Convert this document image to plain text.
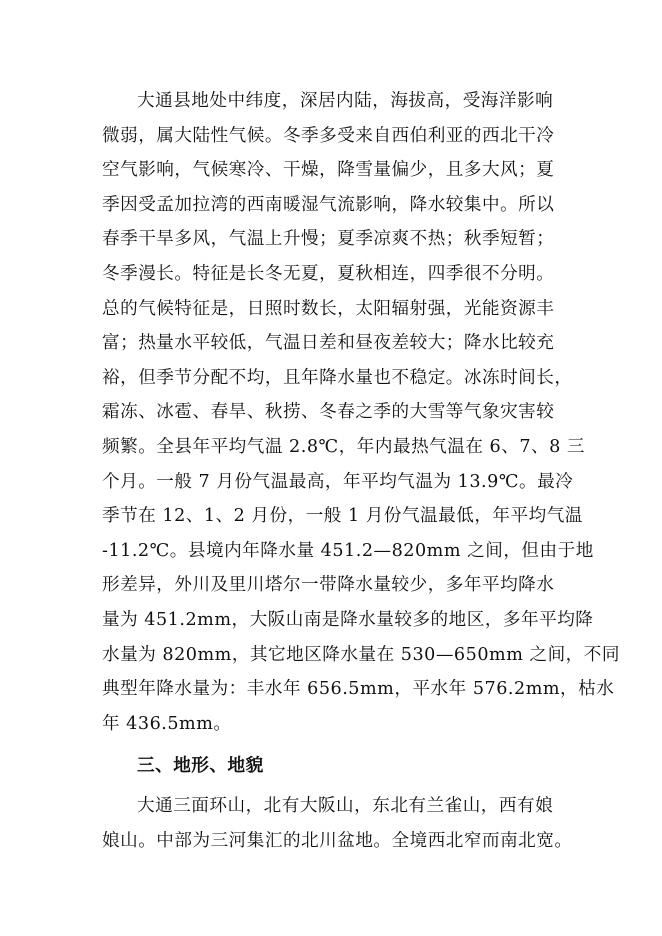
大通县地处中纬度，深居内陆，海拔高，受海洋影响
微弱，属大陆性气候。冬季多受来自西伯利亚的西北干冷
空气影响，气候寒冷、干燥，降雪量偏少，且多大风；夏
季因受孟加拉湾的西南暖湿气流影响，降水较集中。所以
春季干旱多风，气温上升慢；夏季凉爽不热；秋季短暂；
冬季漫长。特征是长冬无夏，夏秋相连，四季很不分明。
总的气候特征是，日照时数长，太阳辐射强，光能资源丰
富；热量水平较低，气温日差和昼夜差较大；降水比较充
裕，但季节分配不均，且年降水量也不稳定。冰冻时间长，
霜冻、冰雹、春旱、秋捞、冬春之季的大雪等气象灾害较
频繁。全县年平均气温 2.8℃，年内最热气温在 6、7、8 三
个月。一般 7 月份气温最高，年平均气温为 13.9℃。最冷
季节在 12、1、2 月份，一般 1 月份气温最低，年平均气温
-11.2℃。县境内年降水量 451.2—820mm 之间，但由于地
形差异，外川及里川塔尔一带降水量较少，多年平均降水
量为 451.2mm，大阪山南是降水量较多的地区，多年平均降
水量为 820mm，其它地区降水量在 530—650mm 之间，不同
典型年降水量为：丰水年 656.5mm，平水年 576.2mm，枯水
年 436.5mm。
三、地形、地貌
大通三面环山，北有大阪山，东北有兰雀山，西有娘
娘山。中部为三河集汇的北川盆地。全境西北窄而南北宽。
